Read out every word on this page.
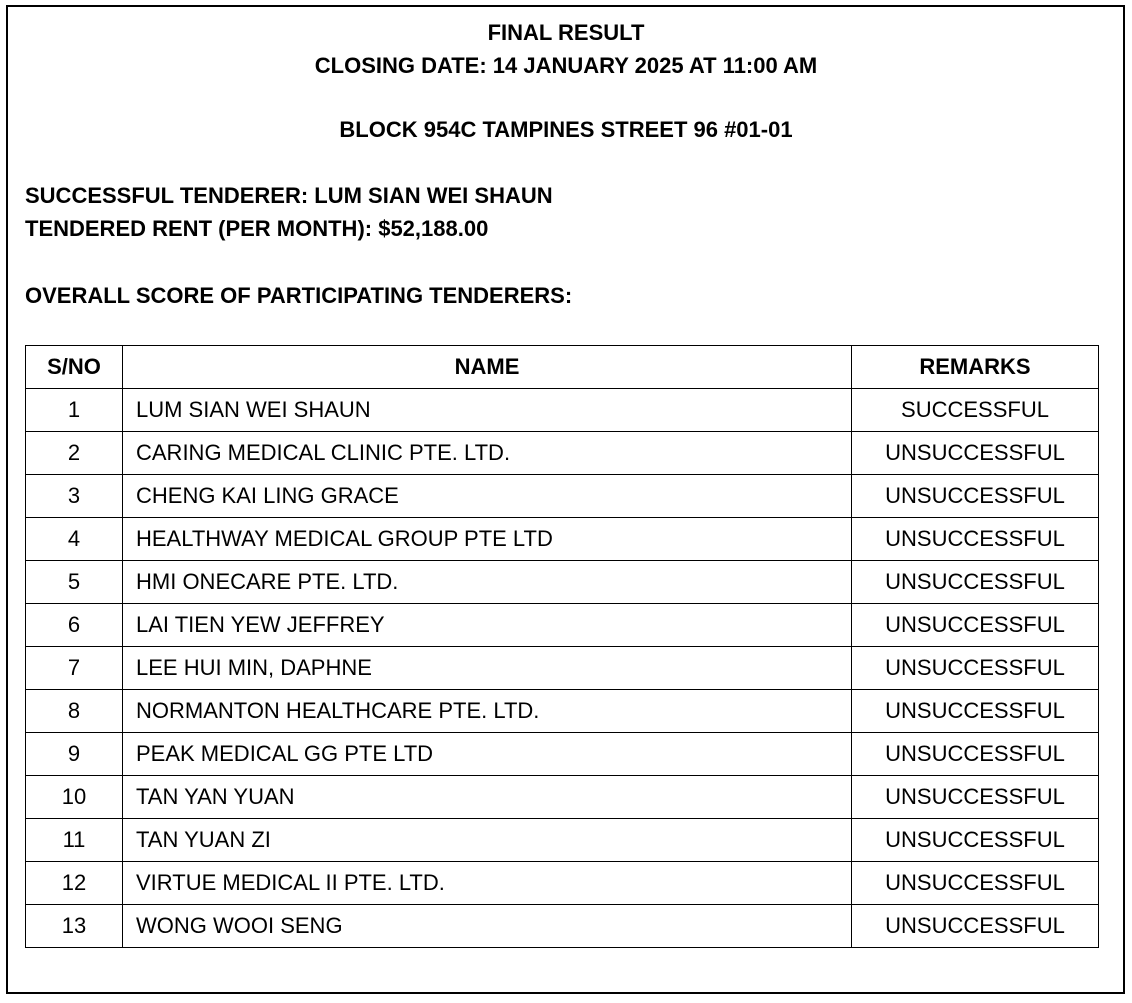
FINAL RESULT
CLOSING DATE: 14 JANUARY 2025 AT 11:00 AM
BLOCK 954C TAMPINES STREET 96 #01-01
SUCCESSFUL TENDERER: LUM SIAN WEI SHAUN
TENDERED RENT (PER MONTH): $52,188.00
OVERALL SCORE OF PARTICIPATING TENDERERS:
S/NO	NAME	REMARKS
1	LUM SIAN WEI SHAUN	SUCCESSFUL
2	CARING MEDICAL CLINIC PTE. LTD.	UNSUCCESSFUL
3	CHENG KAI LING GRACE	UNSUCCESSFUL
4	HEALTHWAY MEDICAL GROUP PTE LTD	UNSUCCESSFUL
5	HMI ONECARE PTE. LTD.	UNSUCCESSFUL
6	LAI TIEN YEW JEFFREY	UNSUCCESSFUL
7	LEE HUI MIN, DAPHNE	UNSUCCESSFUL
8	NORMANTON HEALTHCARE PTE. LTD.	UNSUCCESSFUL
9	PEAK MEDICAL GG PTE LTD	UNSUCCESSFUL
10	TAN YAN YUAN	UNSUCCESSFUL
11	TAN YUAN ZI	UNSUCCESSFUL
12	VIRTUE MEDICAL II PTE. LTD.	UNSUCCESSFUL
13	WONG WOOI SENG	UNSUCCESSFUL
